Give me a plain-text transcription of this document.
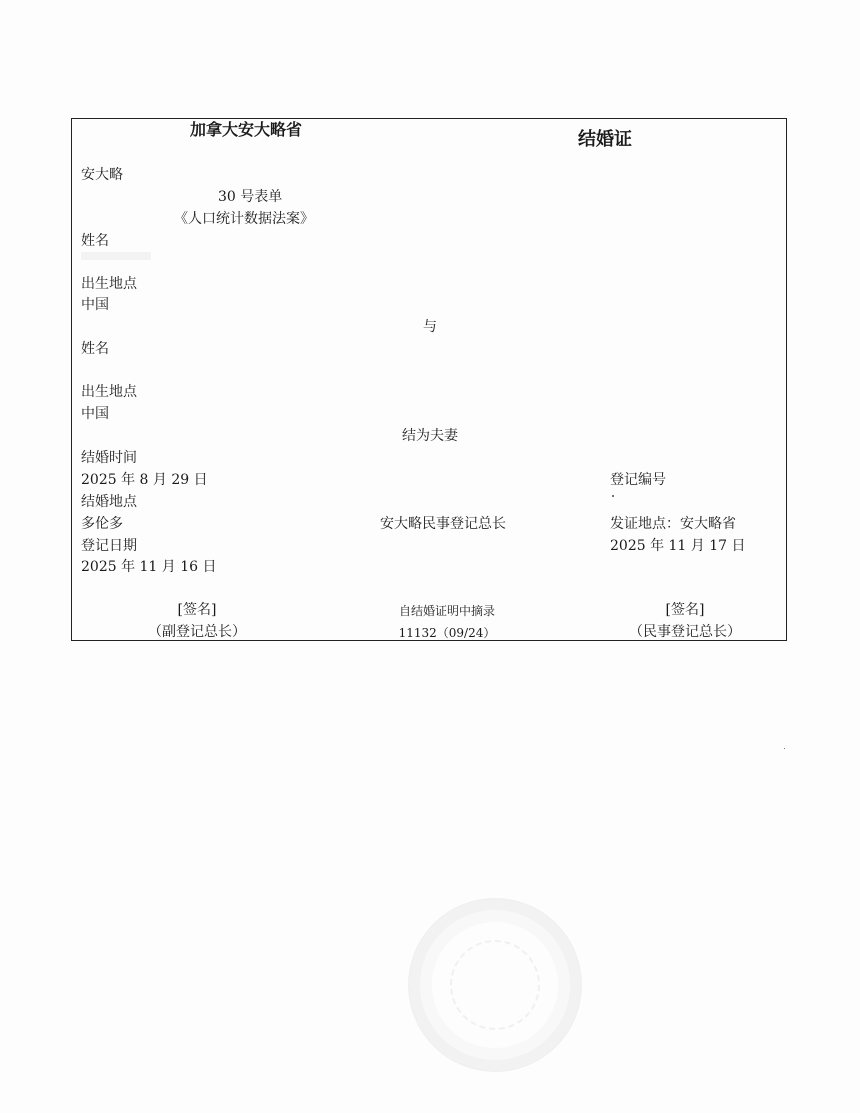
加拿大安大略省	结婚证
安大略
30 号表单
《人口统计数据法案》
姓名
出生地点
中国
与
姓名
出生地点
中国
结为夫妻
结婚时间
2025 年 8 月 29 日
结婚地点
多伦多
登记日期
2025 年 11 月 16 日
安大略民事登记总长
登记编号
发证地点：安大略省
2025 年 11 月 17 日
[签名]
（副登记总长）
自结婚证明中摘录
11132（09/24）
[签名]
（民事登记总长）
